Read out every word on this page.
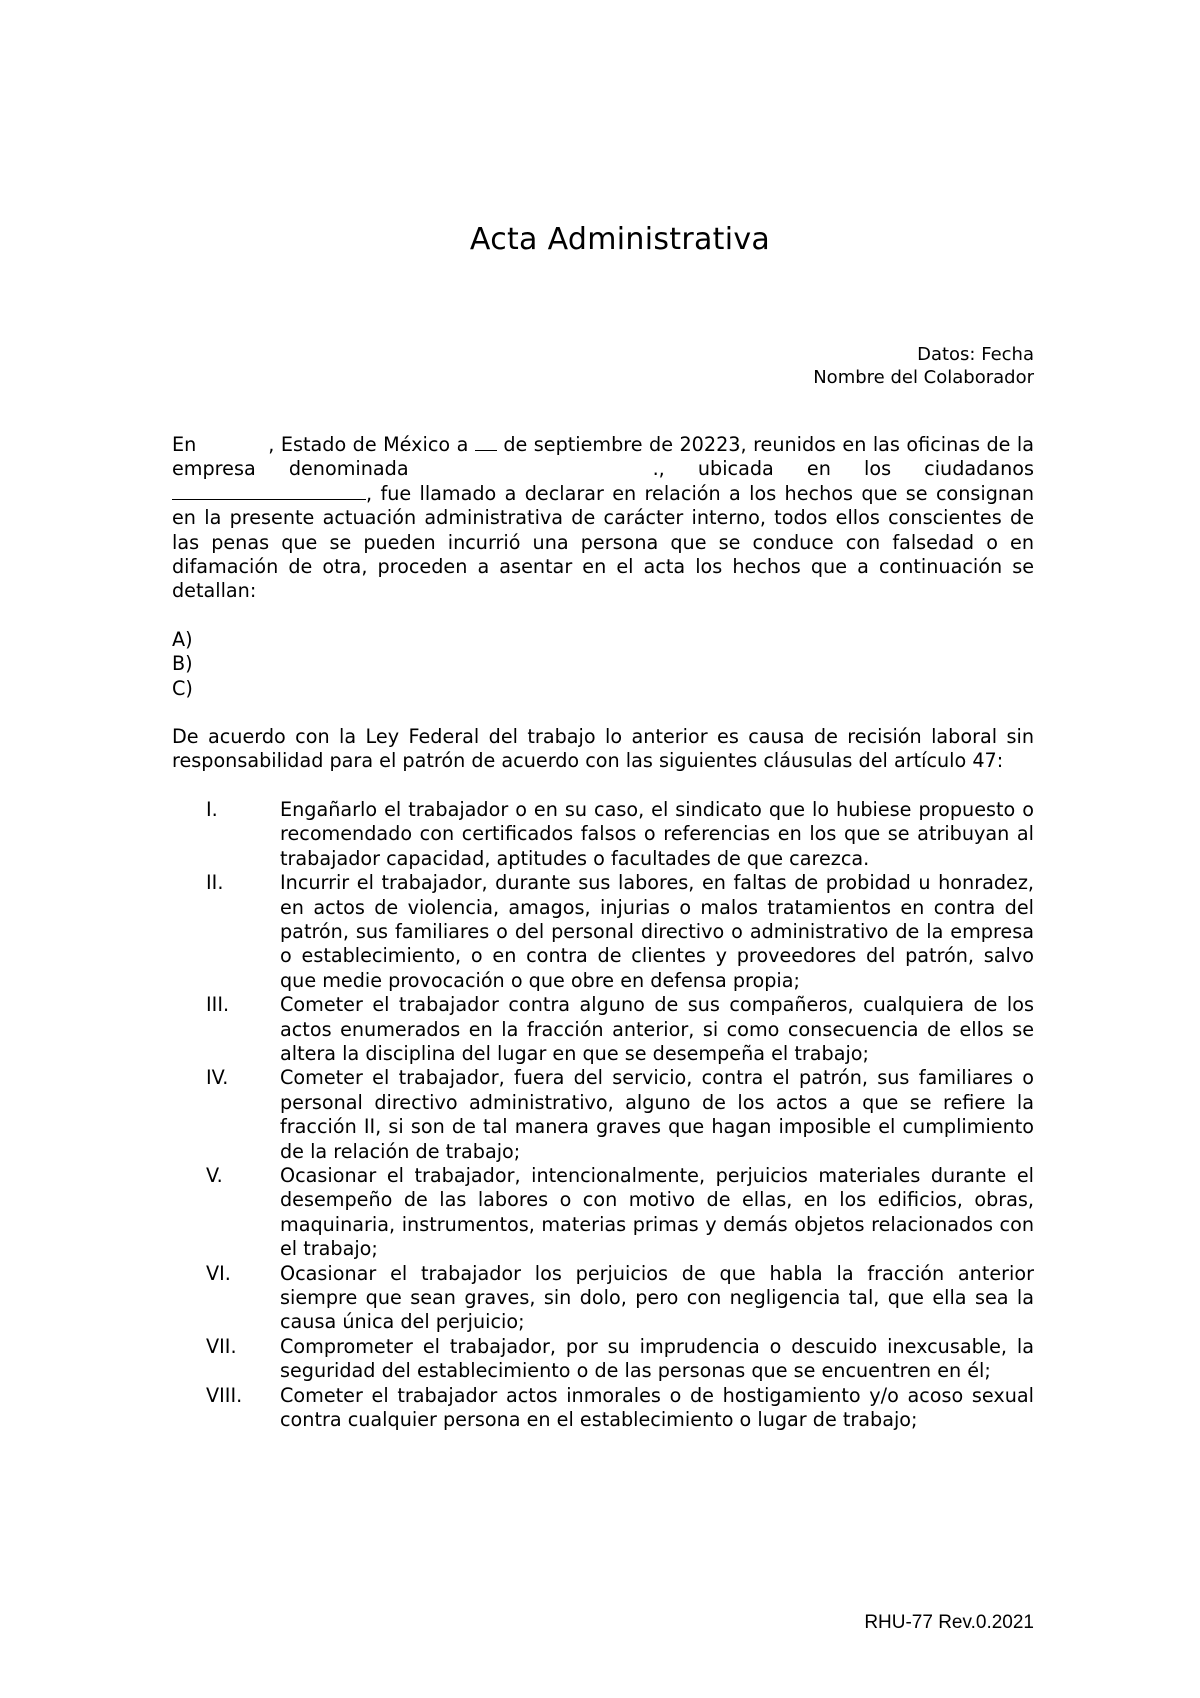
Acta Administrativa
Datos: Fecha
Nombre del Colaborador

En	, Estado de México a de septiembre de 20223, reunidos en las oficinas de la empresa denominada	., ubicada en los ciudadanos , fue llamado a declarar en relación a los hechos que se consignan en la presente actuación administrativa de carácter interno, todos ellos conscientes de las penas que se pueden incurrió una persona que se conduce con falsedad o en difamación de otra, proceden a asentar en el acta los hechos que a continuación se detallan:

A)
B)
C)

De acuerdo con la Ley Federal del trabajo lo anterior es causa de recisión laboral sin responsabilidad para el patrón de acuerdo con las siguientes cláusulas del artículo 47:

I.	Engañarlo el trabajador o en su caso, el sindicato que lo hubiese propuesto o recomendado con certificados falsos o referencias en los que se atribuyan al trabajador capacidad, aptitudes o facultades de que carezca.
II.	Incurrir el trabajador, durante sus labores, en faltas de probidad u honradez, en actos de violencia, amagos, injurias o malos tratamientos en contra del patrón, sus familiares o del personal directivo o administrativo de la empresa o establecimiento, o en contra de clientes y proveedores del patrón, salvo que medie provocación o que obre en defensa propia;
III.	Cometer el trabajador contra alguno de sus compañeros, cualquiera de los actos enumerados en la fracción anterior, si como consecuencia de ellos se altera la disciplina del lugar en que se desempeña el trabajo;
IV.	Cometer el trabajador, fuera del servicio, contra el patrón, sus familiares o personal directivo administrativo, alguno de los actos a que se refiere la fracción II, si son de tal manera graves que hagan imposible el cumplimiento de la relación de trabajo;
V.	Ocasionar el trabajador, intencionalmente, perjuicios materiales durante el desempeño de las labores o con motivo de ellas, en los edificios, obras, maquinaria, instrumentos, materias primas y demás objetos relacionados con el trabajo;
VI.	Ocasionar el trabajador los perjuicios de que habla la fracción anterior siempre que sean graves, sin dolo, pero con negligencia tal, que ella sea la causa única del perjuicio;
VII.	Comprometer el trabajador, por su imprudencia o descuido inexcusable, la seguridad del establecimiento o de las personas que se encuentren en él;
VIII.	Cometer el trabajador actos inmorales o de hostigamiento y/o acoso sexual contra cualquier persona en el establecimiento o lugar de trabajo;
RHU-77 Rev.0.2021
